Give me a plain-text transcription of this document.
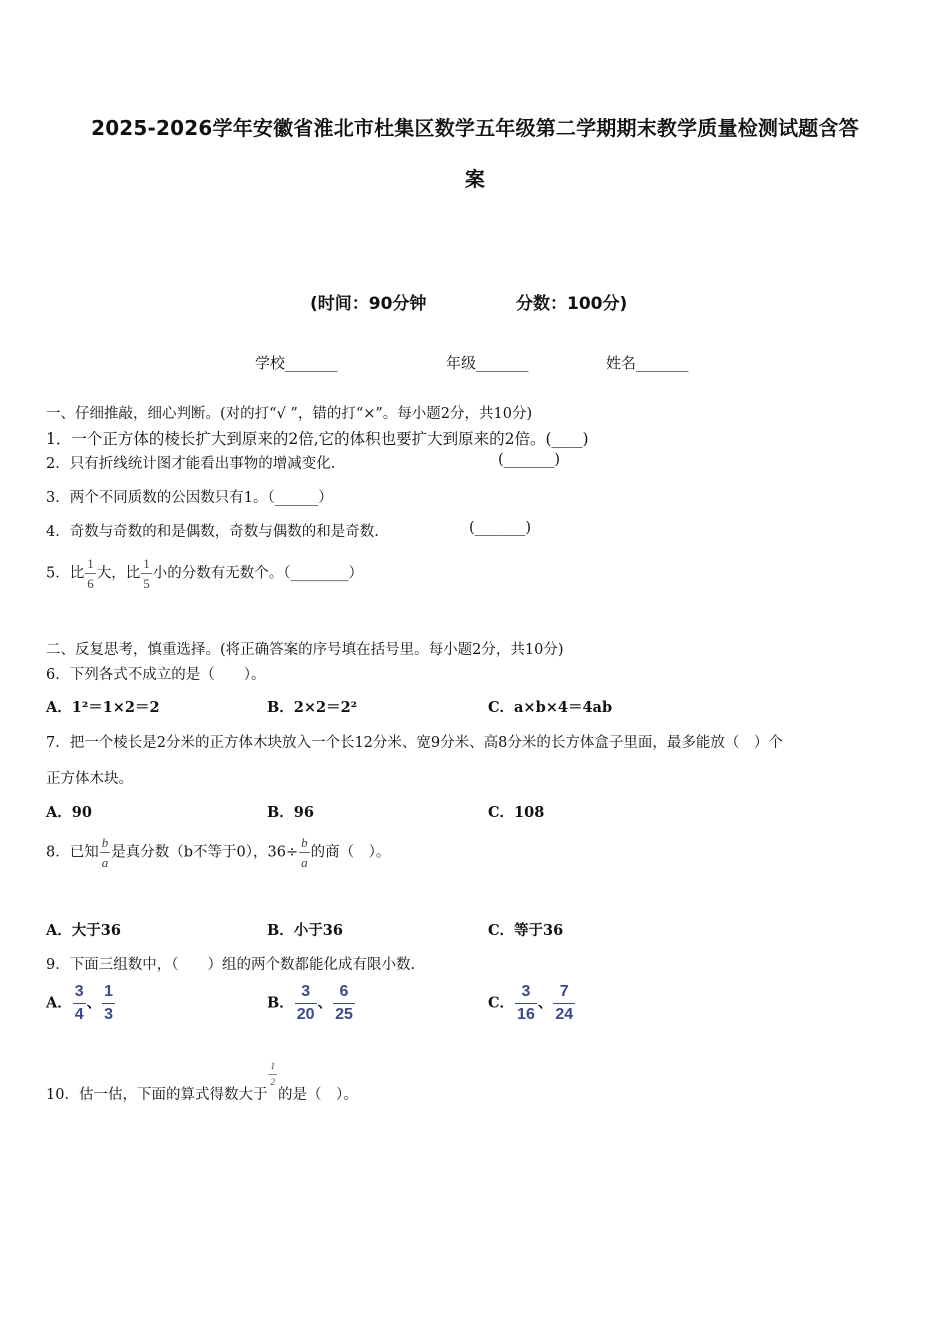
2025-2026学年安徽省淮北市杜集区数学五年级第二学期期末教学质量检测试题含答
案
(时间：90分钟	分数：100分)
学校_______	年级_______	姓名_______
一、仔细推敲，细心判断。(对的打“√ ”，错的打“×”。每小题2分，共10分)
1．一个正方体的棱长扩大到原来的2倍,它的体积也要扩大到原来的2倍。(____)
2．只有折线统计图才能看出事物的增减变化.	(_______)
3．两个不同质数的公因数只有1。（______）
4．奇数与奇数的和是偶数，奇数与偶数的和是奇数.	(_______)
5．比 $\frac{1}{6}$ 大，比 $\frac{1}{5}$ 小的分数有无数个。（________）
二、反复思考，慎重选择。(将正确答案的序号填在括号里。每小题2分，共10分)
6．下列各式不成立的是（　　）。
A．1²＝1×2＝2	B．2×2＝2²	C．a×b×4＝4ab
7．把一个棱长是2分米的正方体木块放入一个长12分米、宽9分米、高8分米的长方体盒子里面，最多能放（　）个
正方体木块。
A．90	B．96	C．108
8．已知 $\frac{b}{a}$ 是真分数（b不等于0），$36\div \frac{b}{a}$ 的商（　）。
A．大于36	B．小于36	C．等于36
9．下面三组数中，（　　）组的两个数都能化成有限小数.
A． $\frac{3}{4}$ 、 $\frac{1}{3}$	B． $\frac{3}{20}$ 、 $\frac{6}{25}$	C． $\frac{3}{16}$ 、 $\frac{7}{24}$
10．估一估，下面的算式得数大于
$\frac{1}{2}$
的是（　）。
